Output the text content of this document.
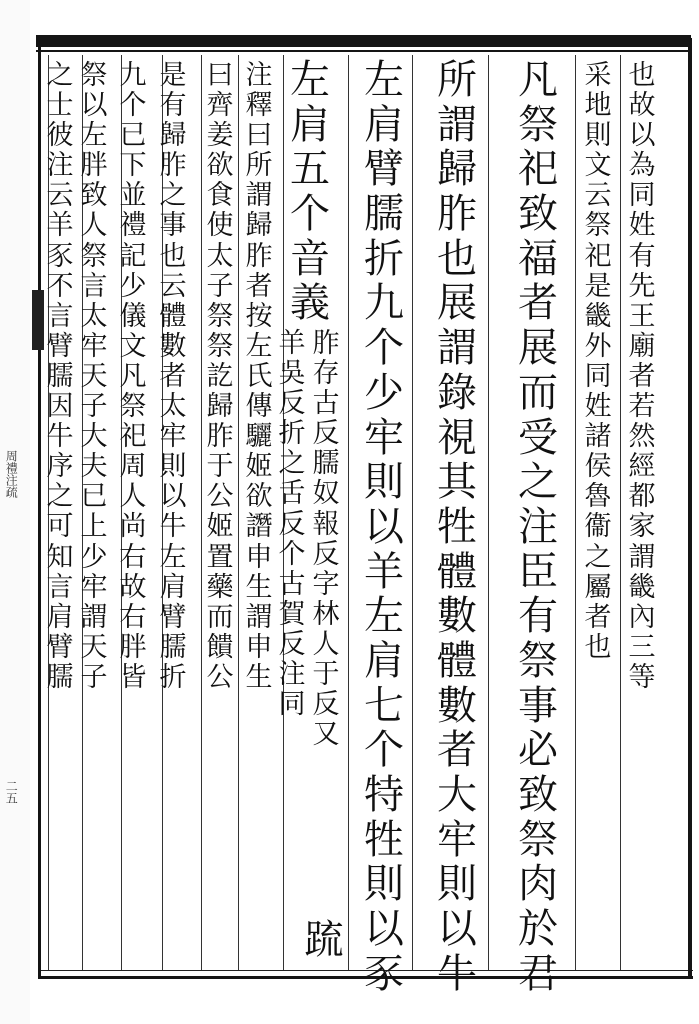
周禮注疏
二五
也
故
以
為
同
姓
有
先
王
廟
者
若
然
經
都
家
謂
畿
內
三
等
采
地
則
文
云
祭
祀
是
畿
外
同
姓
諸
侯
魯
衞
之
屬
者
也
凡
祭
祀
致
福
者
展
而
受
之
注
臣
有
祭
事
必
致
祭
肉
於
君
所
謂
歸
胙
也
展
謂
錄
視
其
牲
體
數
體
數
者
大
牢
則
以
牛
左
肩
臂
臑
折
九
个
少
牢
則
以
羊
左
肩
七
个
特
牲
則
以
豕
左
肩
五
个
音
義
胙
存
古
反
臑
奴
報
反
字
林
人
于
反
又
羊
吳
反
折
之
舌
反
个
古
賀
反
注
同
䟽
注
釋
曰
所
謂
歸
胙
者
按
左
氏
傳
驪
姬
欲
譖
申
生
謂
申
生
曰
齊
姜
欲
食
使
太
子
祭
祭
訖
歸
胙
于
公
姬
置
藥
而
饋
公
是
有
歸
胙
之
事
也
云
體
數
者
太
牢
則
以
牛
左
肩
臂
臑
折
九
个
已
下
並
禮
記
少
儀
文
凡
祭
祀
周
人
尚
右
故
右
胖
皆
祭
以
左
胖
致
人
祭
言
太
牢
天
子
大
夫
已
上
少
牢
謂
天
子
之
士
彼
注
云
羊
豕
不
言
臂
臑
因
牛
序
之
可
知
言
肩
臂
臑
